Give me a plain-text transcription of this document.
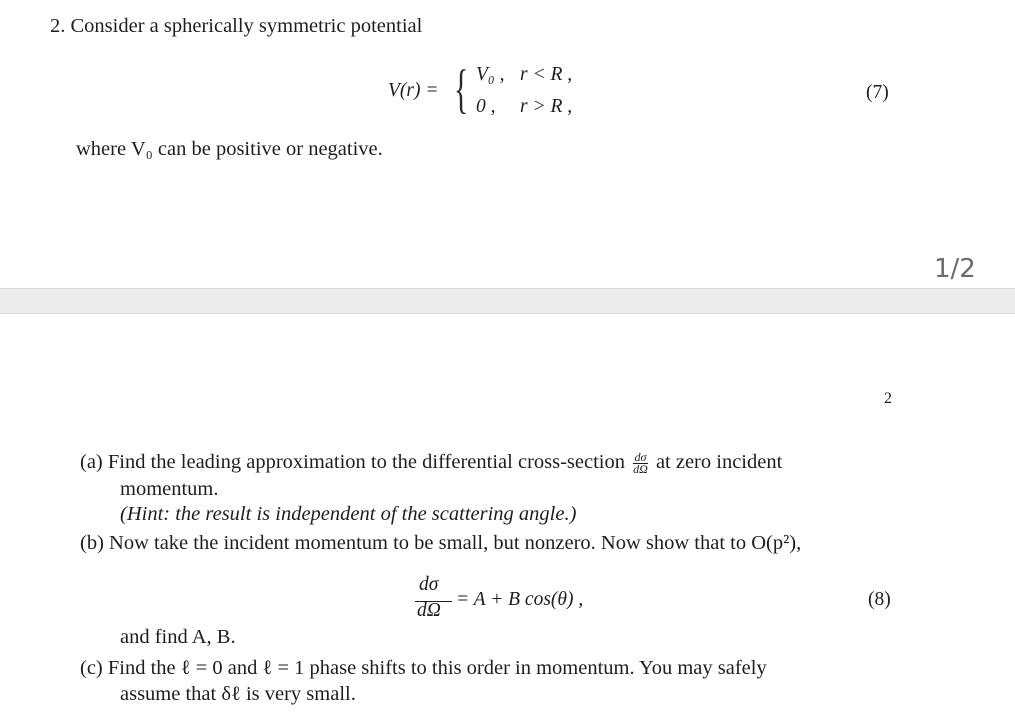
2. Consider a spherically symmetric potential
V(r) = { V₀ , r < R ,
0 , r > R ,
(7)
where V₀ can be positive or negative.
1/2
2
(a) Find the leading approximation to the differential cross-section $\frac{d\sigma}{d\Omega}$ at zero incident
momentum.
(Hint: the result is independent of the scattering angle.)
(b) Now take the incident momentum to be small, but nonzero. Now show that to O(p²),
dσ
dΩ
= A + B cos(θ) ,	(8)
and find A, B.
(c) Find the ℓ = 0 and ℓ = 1 phase shifts to this order in momentum. You may safely
assume that δℓ is very small.
